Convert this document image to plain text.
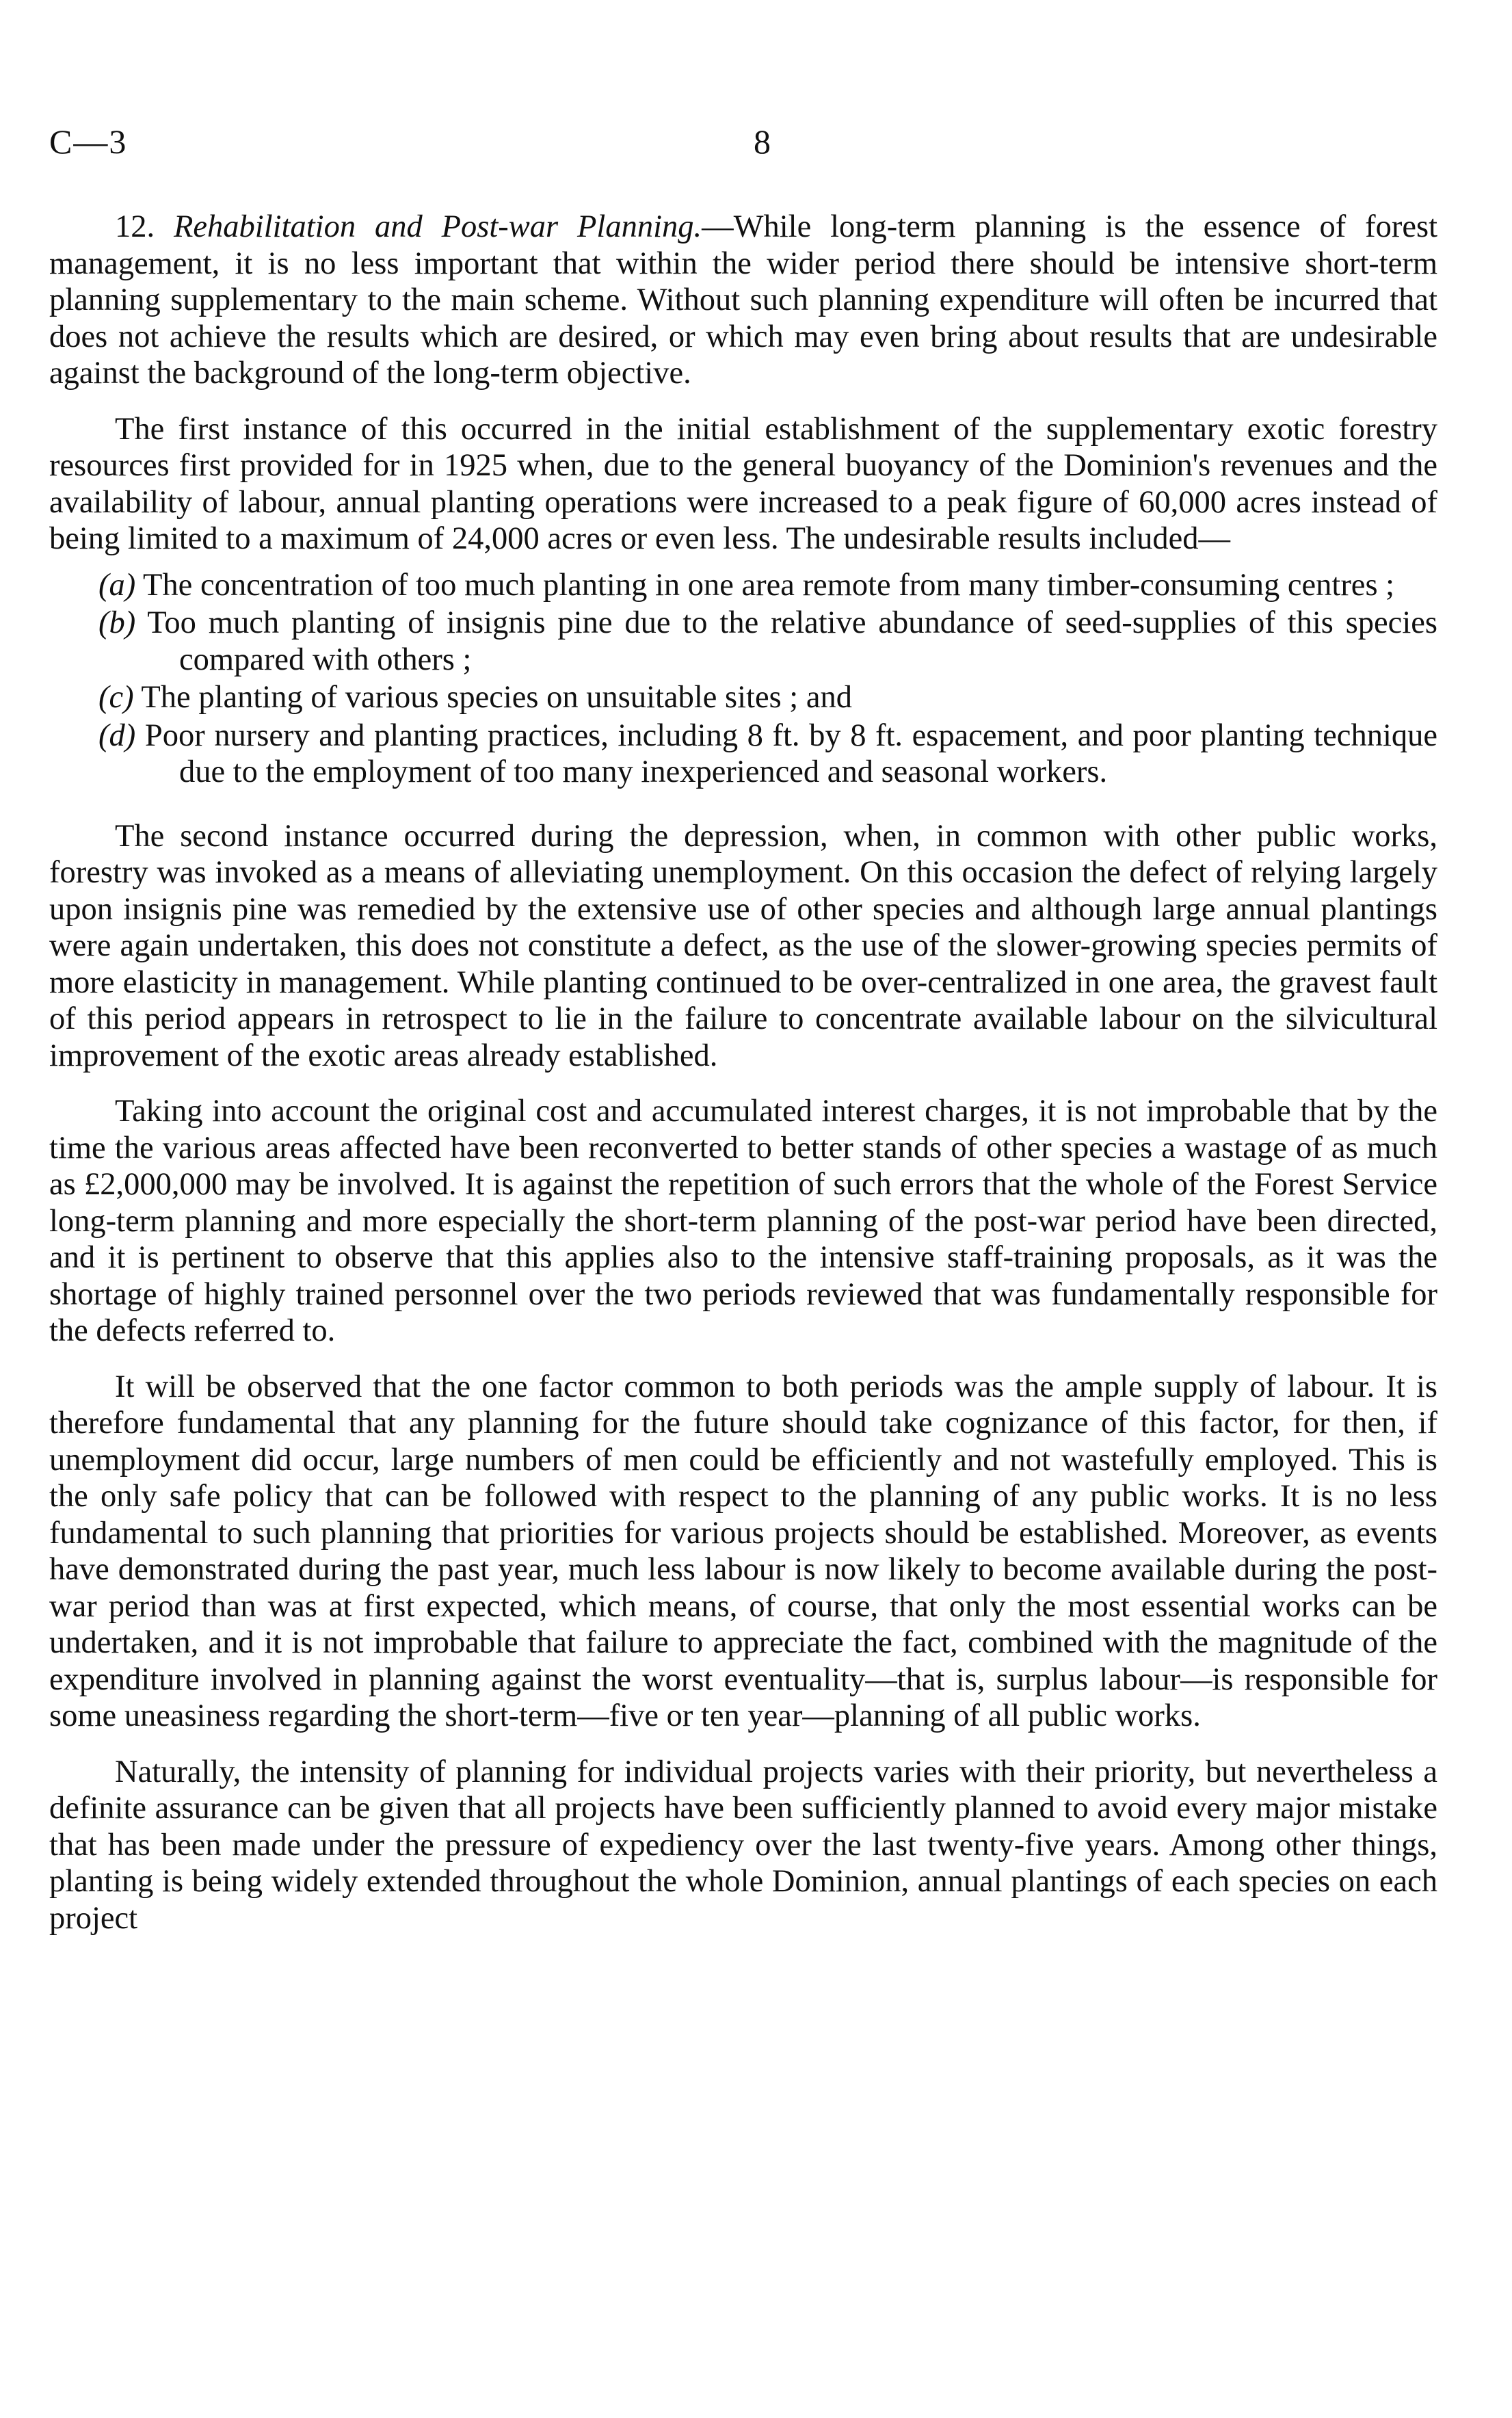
C—3	8

12. Rehabilitation and Post-war Planning.—While long-term planning is the essence of forest management, it is no less important that within the wider period there should be intensive short-term planning supplementary to the main scheme. Without such planning expenditure will often be incurred that does not achieve the results which are desired, or which may even bring about results that are undesirable against the background of the long-term objective.

The first instance of this occurred in the initial establishment of the supplementary exotic forestry resources first provided for in 1925 when, due to the general buoyancy of the Dominion's revenues and the availability of labour, annual planting operations were increased to a peak figure of 60,000 acres instead of being limited to a maximum of 24,000 acres or even less. The undesirable results included—

(a) The concentration of too much planting in one area remote from many timber-consuming centres ;
(b) Too much planting of insignis pine due to the relative abundance of seed-supplies of this species compared with others ;
(c) The planting of various species on unsuitable sites ; and
(d) Poor nursery and planting practices, including 8 ft. by 8 ft. espacement, and poor planting technique due to the employment of too many inexperienced and seasonal workers.

The second instance occurred during the depression, when, in common with other public works, forestry was invoked as a means of alleviating unemployment. On this occasion the defect of relying largely upon insignis pine was remedied by the extensive use of other species and although large annual plantings were again undertaken, this does not constitute a defect, as the use of the slower-growing species permits of more elasticity in management. While planting continued to be over-centralized in one area, the gravest fault of this period appears in retrospect to lie in the failure to concentrate available labour on the silvicultural improvement of the exotic areas already established.

Taking into account the original cost and accumulated interest charges, it is not improbable that by the time the various areas affected have been reconverted to better stands of other species a wastage of as much as £2,000,000 may be involved. It is against the repetition of such errors that the whole of the Forest Service long-term planning and more especially the short-term planning of the post-war period have been directed, and it is pertinent to observe that this applies also to the intensive staff-training proposals, as it was the shortage of highly trained personnel over the two periods reviewed that was fundamentally responsible for the defects referred to.

It will be observed that the one factor common to both periods was the ample supply of labour. It is therefore fundamental that any planning for the future should take cognizance of this factor, for then, if unemployment did occur, large numbers of men could be efficiently and not wastefully employed. This is the only safe policy that can be followed with respect to the planning of any public works. It is no less fundamental to such planning that priorities for various projects should be established. Moreover, as events have demonstrated during the past year, much less labour is now likely to become available during the post-war period than was at first expected, which means, of course, that only the most essential works can be undertaken, and it is not improbable that failure to appreciate the fact, combined with the magnitude of the expenditure involved in planning against the worst eventuality—that is, surplus labour—is responsible for some uneasiness regarding the short-term—five or ten year—planning of all public works.

Naturally, the intensity of planning for individual projects varies with their priority, but nevertheless a definite assurance can be given that all projects have been sufficiently planned to avoid every major mistake that has been made under the pressure of expediency over the last twenty-five years. Among other things, planting is being widely extended throughout the whole Dominion, annual plantings of each species on each project
